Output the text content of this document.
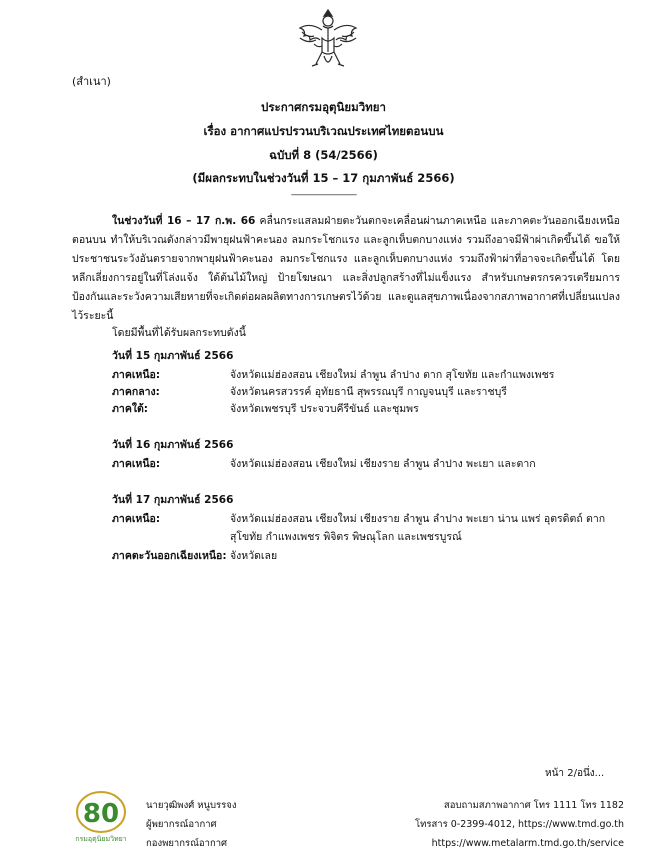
(สำเนา)
ประกาศกรมอุตุนิยมวิทยา
เรื่อง อากาศแปรปรวนบริเวณประเทศไทยตอนบน
ฉบับที่ 8 (54/2566)
(มีผลกระทบในช่วงวันที่ 15 – 17 กุมภาพันธ์ 2566)
-----------------------------
ในช่วงวันที่ 16 – 17 ก.พ. 66 คลื่นกระแสลมฝ่ายตะวันตกจะเคลื่อนผ่านภาคเหนือ และภาคตะวันออกเฉียงเหนือตอนบน ทำให้บริเวณดังกล่าวมีพายุฝนฟ้าคะนอง ลมกระโชกแรง และลูกเห็บตกบางแห่ง รวมถึงอาจมีฟ้าผ่าเกิดขึ้นได้ ขอให้ประชาชนระวังอันตรายจากพายุฝนฟ้าคะนอง ลมกระโชกแรง และลูกเห็บตกบางแห่ง รวมถึงฟ้าผ่าที่อาจจะเกิดขึ้นได้ โดยหลีกเลี่ยงการอยู่ในที่โล่งแจ้ง ใต้ต้นไม้ใหญ่ ป้ายโฆษณา และสิ่งปลูกสร้างที่ไม่แข็งแรง สำหรับเกษตรกรควรเตรียมการป้องกันและระวังความเสียหายที่จะเกิดต่อผลผลิตทางการเกษตรไว้ด้วย และดูแลสุขภาพเนื่องจากสภาพอากาศที่เปลี่ยนแปลงไว้ระยะนี้
โดยมีพื้นที่ได้รับผลกระทบดังนี้
วันที่ 15 กุมภาพันธ์ 2566
ภาคเหนือ:	จังหวัดแม่ฮ่องสอน เชียงใหม่ ลำพูน ลำปาง ตาก สุโขทัย และกำแพงเพชร
ภาคกลาง:	จังหวัดนครสวรรค์ อุทัยธานี สุพรรณบุรี กาญจนบุรี และราชบุรี
ภาคใต้:	จังหวัดเพชรบุรี ประจวบคีรีขันธ์ และชุมพร
วันที่ 16 กุมภาพันธ์ 2566
ภาคเหนือ:	จังหวัดแม่ฮ่องสอน เชียงใหม่ เชียงราย ลำพูน ลำปาง พะเยา และตาก
วันที่ 17 กุมภาพันธ์ 2566
ภาคเหนือ:	จังหวัดแม่ฮ่องสอน เชียงใหม่ เชียงราย ลำพูน ลำปาง พะเยา น่าน แพร่ อุตรดิตถ์ ตาก สุโขทัย กำแพงเพชร พิจิตร พิษณุโลก และเพชรบูรณ์
ภาคตะวันออกเฉียงเหนือ: จังหวัดเลย
หน้า 2/อนึ่ง...
80
กรมอุตุนิยมวิทยา
นายวุฒิพงศ์ หนูบรรจง
ผู้พยากรณ์อากาศ
กองพยากรณ์อากาศ
สอบถามสภาพอากาศ โทร 1111 โทร 1182
โทรสาร 0-2399-4012, https://www.tmd.go.th
https://www.metalarm.tmd.go.th/service
